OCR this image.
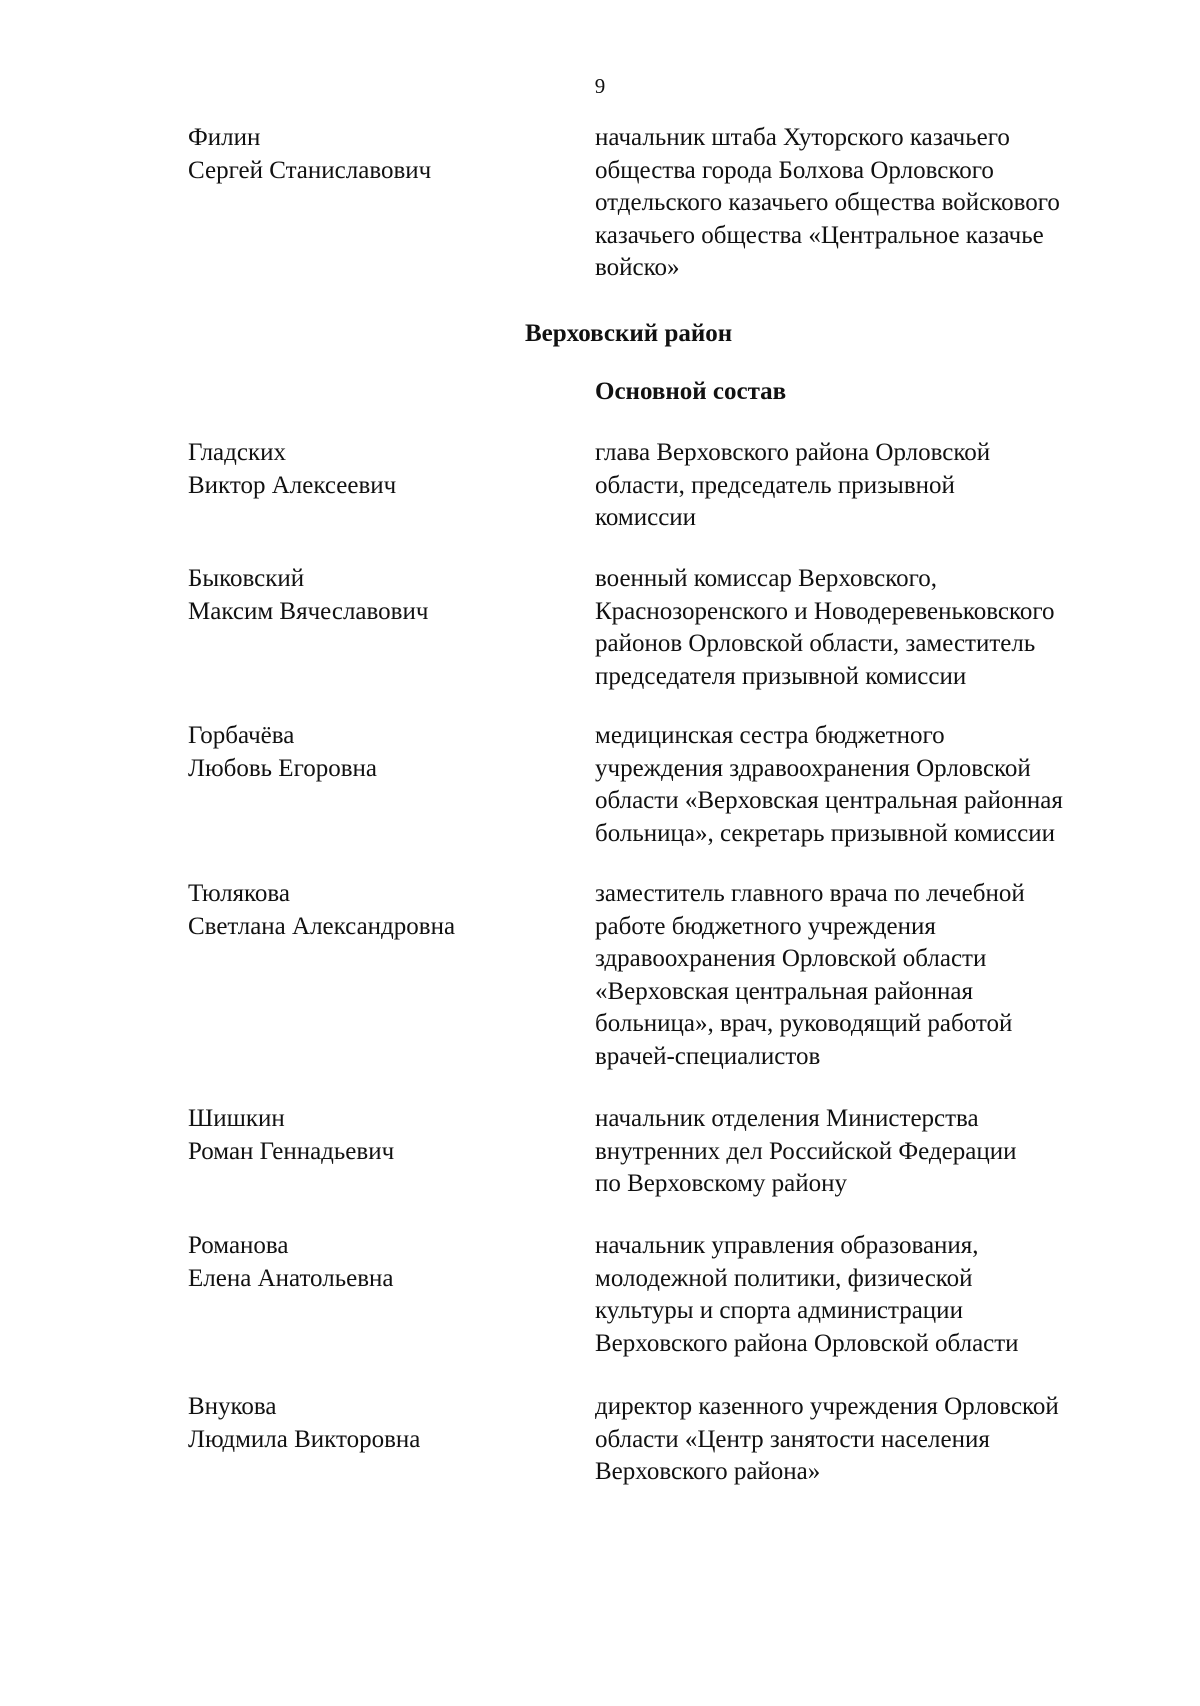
9
Филин
Сергей Станиславович
начальник штаба Хуторского казачьего
общества города Болхова Орловского
отдельского казачьего общества войскового
казачьего общества «Центральное казачье
войско»
Верховский район
Основной состав
Гладских
Виктор Алексеевич
глава Верховского района Орловской
области, председатель призывной
комиссии
Быковский
Максим Вячеславович
военный комиссар Верховского,
Краснозоренского и Новодеревеньковского
районов Орловской области, заместитель
председателя призывной комиссии
Горбачёва
Любовь Егоровна
медицинская сестра бюджетного
учреждения здравоохранения Орловской
области «Верховская центральная районная
больница», секретарь призывной комиссии
Тюлякова
Светлана Александровна
заместитель главного врача по лечебной
работе бюджетного учреждения
здравоохранения Орловской области
«Верховская центральная районная
больница», врач, руководящий работой
врачей-специалистов
Шишкин
Роман Геннадьевич
начальник отделения Министерства
внутренних дел Российской Федерации
по Верховскому району
Романова
Елена Анатольевна
начальник управления образования,
молодежной политики, физической
культуры и спорта администрации
Верховского района Орловской области
Внукова
Людмила Викторовна
директор казенного учреждения Орловской
области «Центр занятости населения
Верховского района»
